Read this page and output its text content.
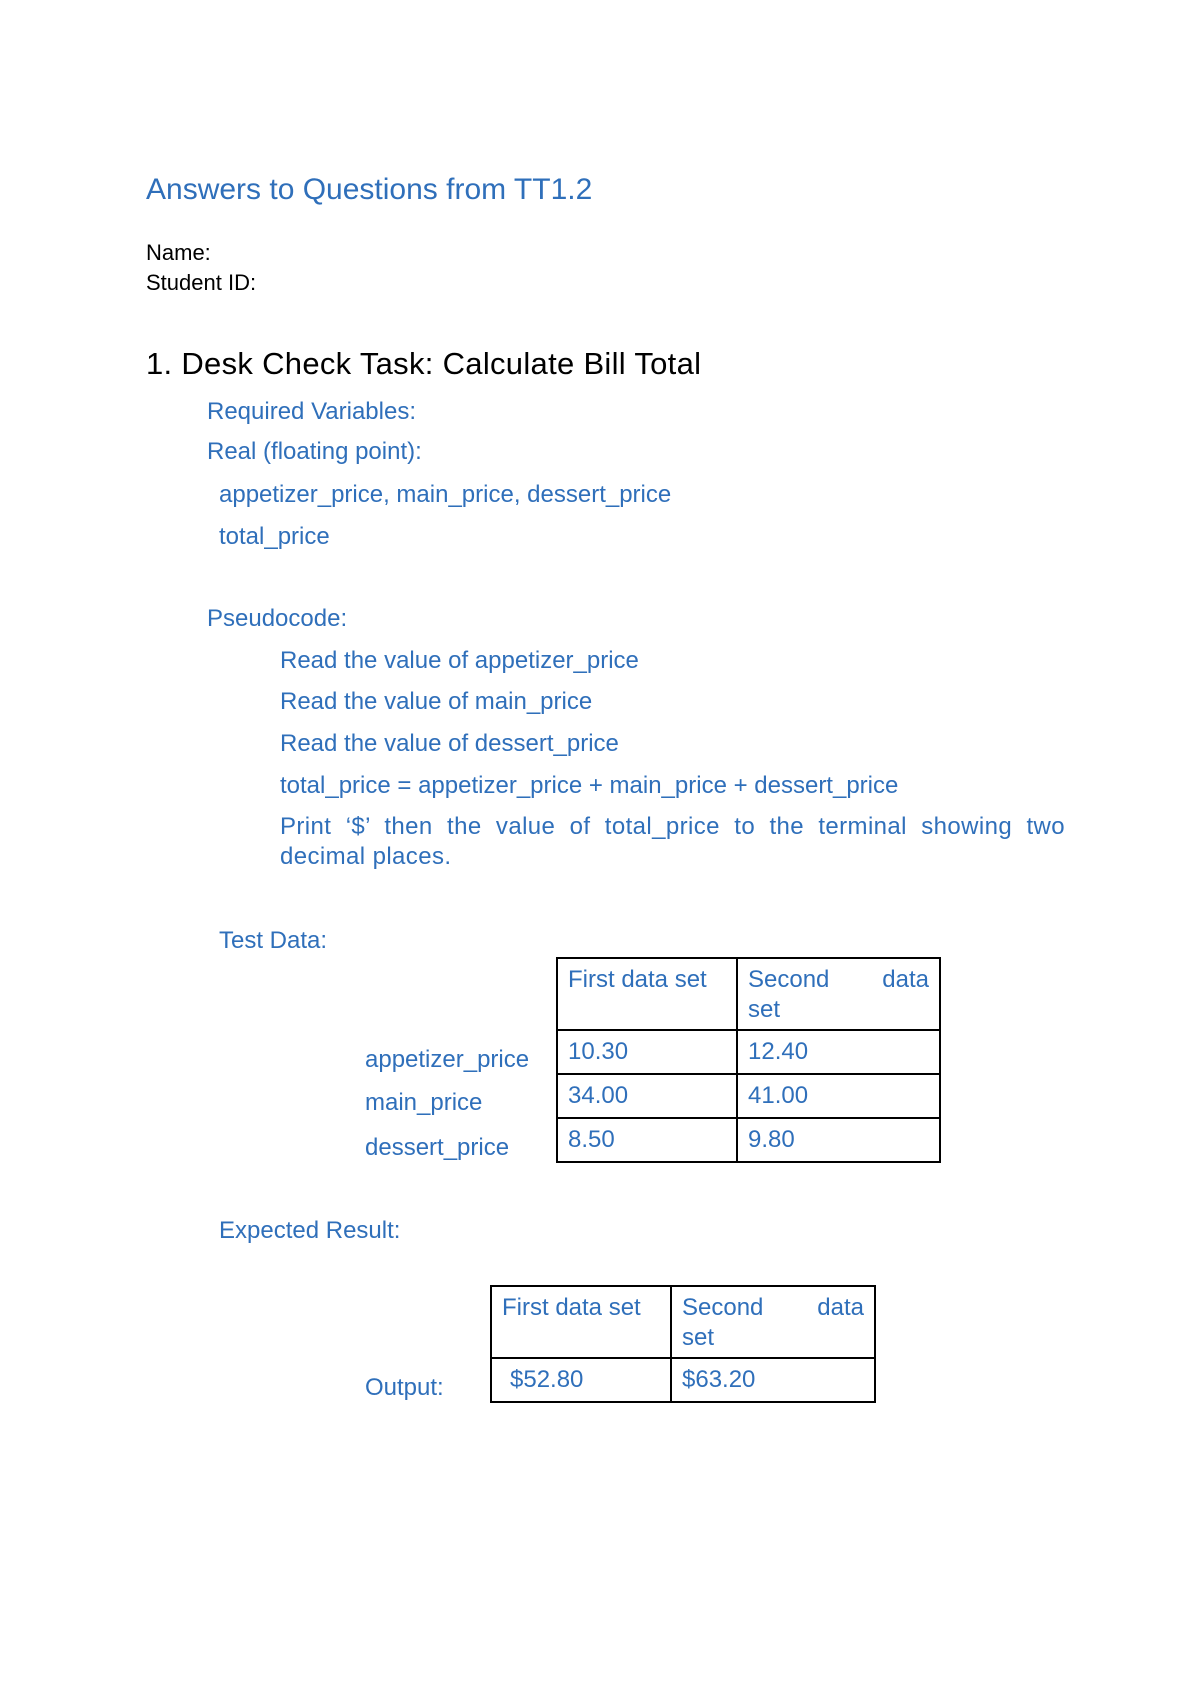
Answers to Questions from TT1.2
Name:
Student ID:
1. Desk Check Task: Calculate Bill Total
Required Variables:
Real (floating point):
appetizer_price, main_price, dessert_price
total_price
Pseudocode:
Read the value of appetizer_price
Read the value of main_price
Read the value of dessert_price
total_price = appetizer_price + main_price + dessert_price
Print ‘$’ then the value of total_price to the terminal showing two decimal places.
Test Data:
appetizer_price
main_price
dessert_price
First data set	Second data
set

10.30	12.40
34.00	41.00
8.50	9.80
Expected Result:
Output:
First data set	Second data
set

$52.80	$63.20
